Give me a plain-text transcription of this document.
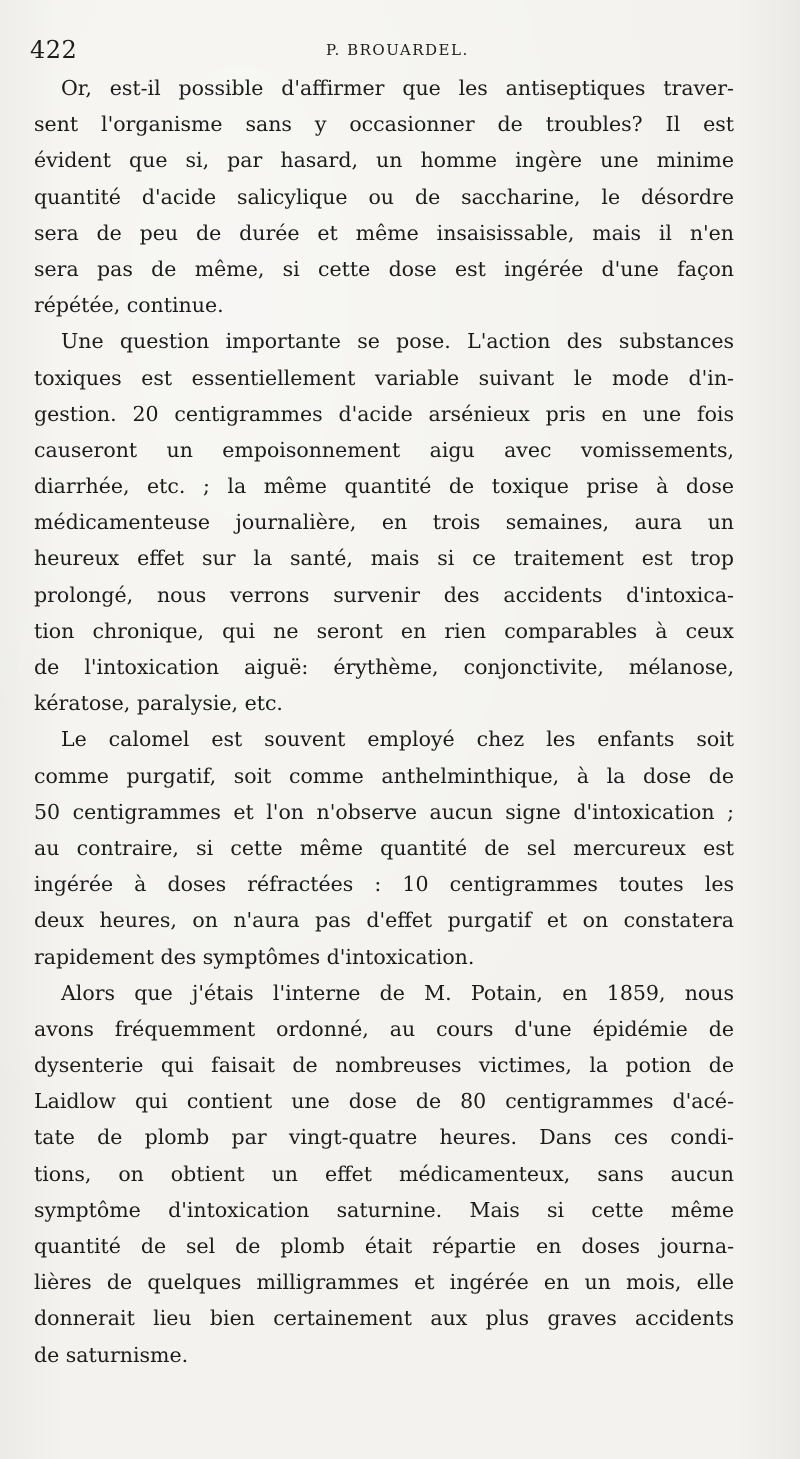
422	P. BROUARDEL.
Or, est-il possible d'affirmer que les antiseptiques traver-
sent l'organisme sans y occasionner de troubles? Il est
évident que si, par hasard, un homme ingère une minime
quantité d'acide salicylique ou de saccharine, le désordre
sera de peu de durée et même insaisissable, mais il n'en
sera pas de même, si cette dose est ingérée d'une façon
répétée, continue.
Une question importante se pose. L'action des substances
toxiques est essentiellement variable suivant le mode d'in-
gestion. 20 centigrammes d'acide arsénieux pris en une fois
causeront un empoisonnement aigu avec vomissements,
diarrhée, etc. ; la même quantité de toxique prise à dose
médicamenteuse journalière, en trois semaines, aura un
heureux effet sur la santé, mais si ce traitement est trop
prolongé, nous verrons survenir des accidents d'intoxica-
tion chronique, qui ne seront en rien comparables à ceux
de l'intoxication aiguë: érythème, conjonctivite, mélanose,
kératose, paralysie, etc.
Le calomel est souvent employé chez les enfants soit
comme purgatif, soit comme anthelminthique, à la dose de
50 centigrammes et l'on n'observe aucun signe d'intoxication ;
au contraire, si cette même quantité de sel mercureux est
ingérée à doses réfractées : 10 centigrammes toutes les
deux heures, on n'aura pas d'effet purgatif et on constatera
rapidement des symptômes d'intoxication.
Alors que j'étais l'interne de M. Potain, en 1859, nous
avons fréquemment ordonné, au cours d'une épidémie de
dysenterie qui faisait de nombreuses victimes, la potion de
Laidlow qui contient une dose de 80 centigrammes d'acé-
tate de plomb par vingt-quatre heures. Dans ces condi-
tions, on obtient un effet médicamenteux, sans aucun
symptôme d'intoxication saturnine. Mais si cette même
quantité de sel de plomb était répartie en doses journa-
lières de quelques milligrammes et ingérée en un mois, elle
donnerait lieu bien certainement aux plus graves accidents
de saturnisme.
